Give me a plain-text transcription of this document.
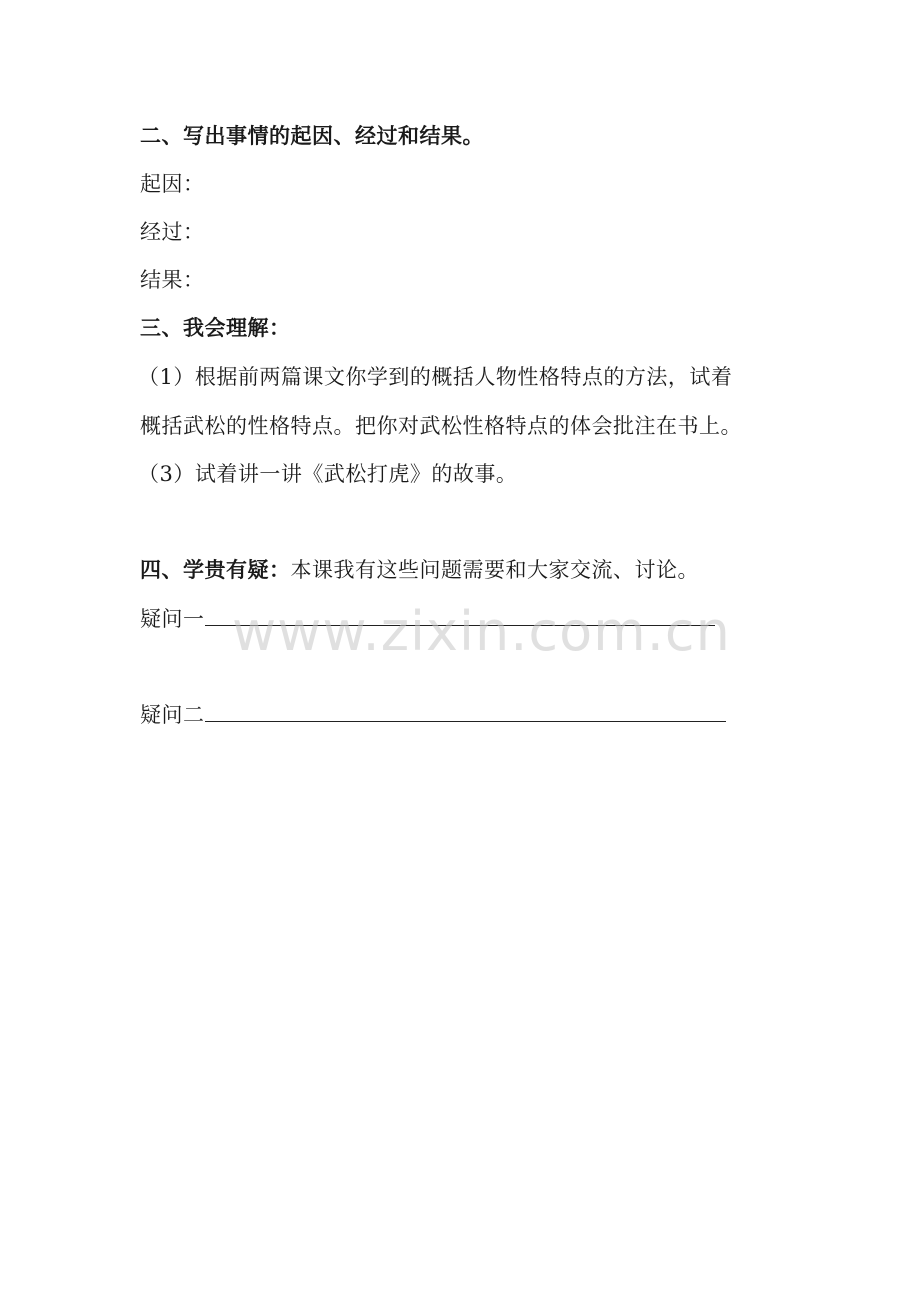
二、写出事情的起因、经过和结果。
起因：
经过：
结果：
三、我会理解：
（1）根据前两篇课文你学到的概括人物性格特点的方法，试着
概括武松的性格特点。把你对武松性格特点的体会批注在书上。
（3）试着讲一讲《武松打虎》的故事。
四、学贵有疑：本课我有这些问题需要和大家交流、讨论。
疑问一
疑问二
www.zixin.com.cn
